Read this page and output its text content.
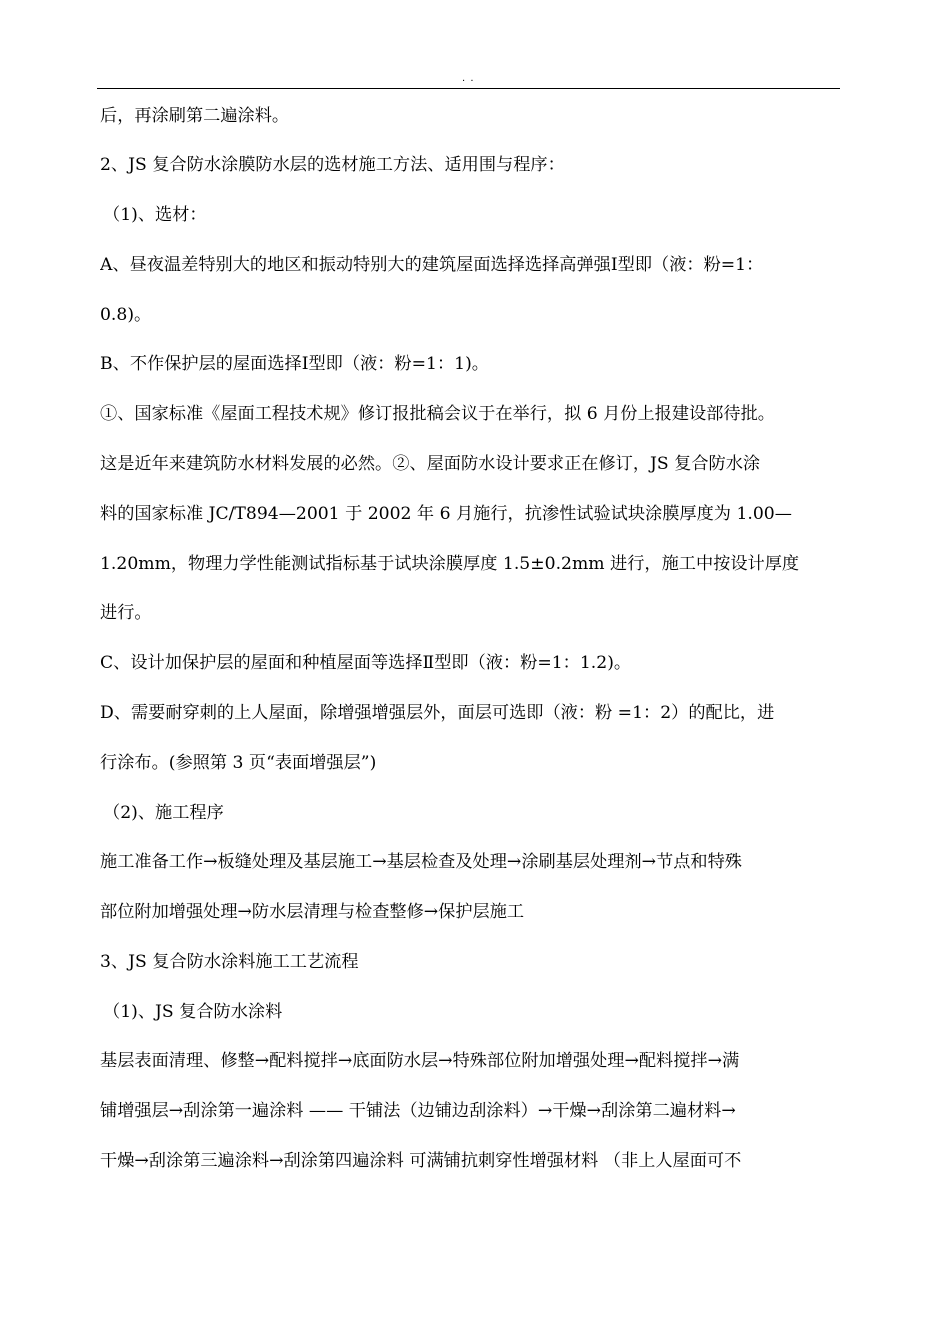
. .
后，再涂刷第二遍涂料。
2、JS 复合防水涂膜防水层的选材施工方法、适用围与程序：
（1)、选材：
A、昼夜温差特别大的地区和振动特别大的建筑屋面选择选择高弹强Ⅰ型即（液：粉=1：
0.8)。
B、不作保护层的屋面选择Ⅰ型即（液：粉=1：1)。
①、国家标准《屋面工程技术规》修订报批稿会议于在举行，拟 6 月份上报建设部待批。
这是近年来建筑防水材料发展的必然。②、屋面防水设计要求正在修订，JS 复合防水涂
料的国家标准 JC/T894—2001 于 2002 年 6 月施行，抗渗性试验试块涂膜厚度为 1.00—
1.20mm，物理力学性能测试指标基于试块涂膜厚度 1.5±0.2mm 进行，施工中按设计厚度
进行。
C、设计加保护层的屋面和种植屋面等选择Ⅱ型即（液：粉=1：1.2)。
D、需要耐穿刺的上人屋面，除增强增强层外，面层可选即（液：粉 =1：2）的配比，进
行涂布。(参照第 3 页“表面增强层”)
（2)、施工程序
施工准备工作→板缝处理及基层施工→基层检查及处理→涂刷基层处理剂→节点和特殊
部位附加增强处理→防水层清理与检查整修→保护层施工
3、JS 复合防水涂料施工工艺流程
（1)、JS 复合防水涂料
基层表面清理、修整→配料搅拌→底面防水层→特殊部位附加增强处理→配料搅拌→满
铺增强层→刮涂第一遍涂料 —— 干铺法（边铺边刮涂料）→干燥→刮涂第二遍材料→
干燥→刮涂第三遍涂料→刮涂第四遍涂料 可满铺抗刺穿性增强材料 （非上人屋面可不
